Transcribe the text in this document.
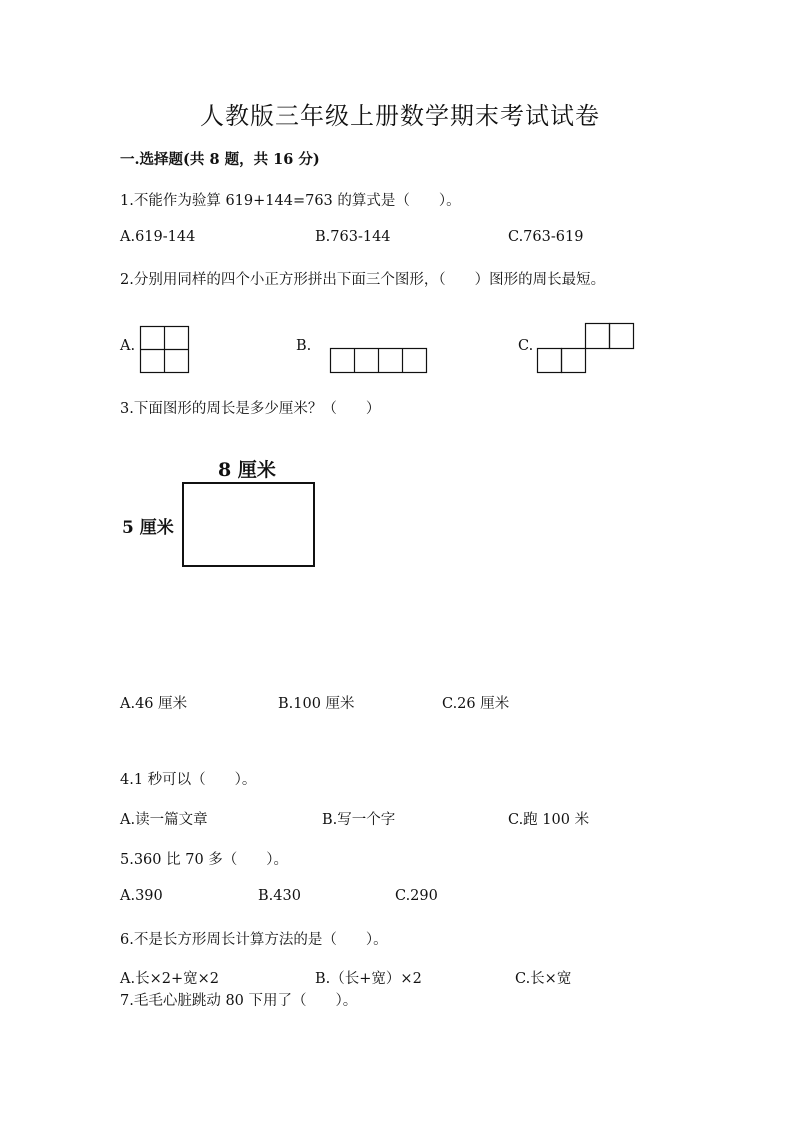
人教版三年级上册数学期末考试试卷
一.选择题(共 8 题，共 16 分)
1.不能作为验算 619+144=763 的算式是（　　）。
A.619-144	B.763-144	C.763-619
2.分别用同样的四个小正方形拼出下面三个图形，（　　）图形的周长最短。
A.	B.	C.
3.下面图形的周长是多少厘米？（　　）
8 厘米
5 厘米
A.46 厘米	B.100 厘米	C.26 厘米
4.1 秒可以（　　）。
A.读一篇文章	B.写一个字	C.跑 100 米
5.360 比 70 多（　　）。
A.390	B.430	C.290
6.不是长方形周长计算方法的是（　　）。
A.长×2+宽×2	B.（长+宽）×2	C.长×宽
7.毛毛心脏跳动 80 下用了（　　）。
